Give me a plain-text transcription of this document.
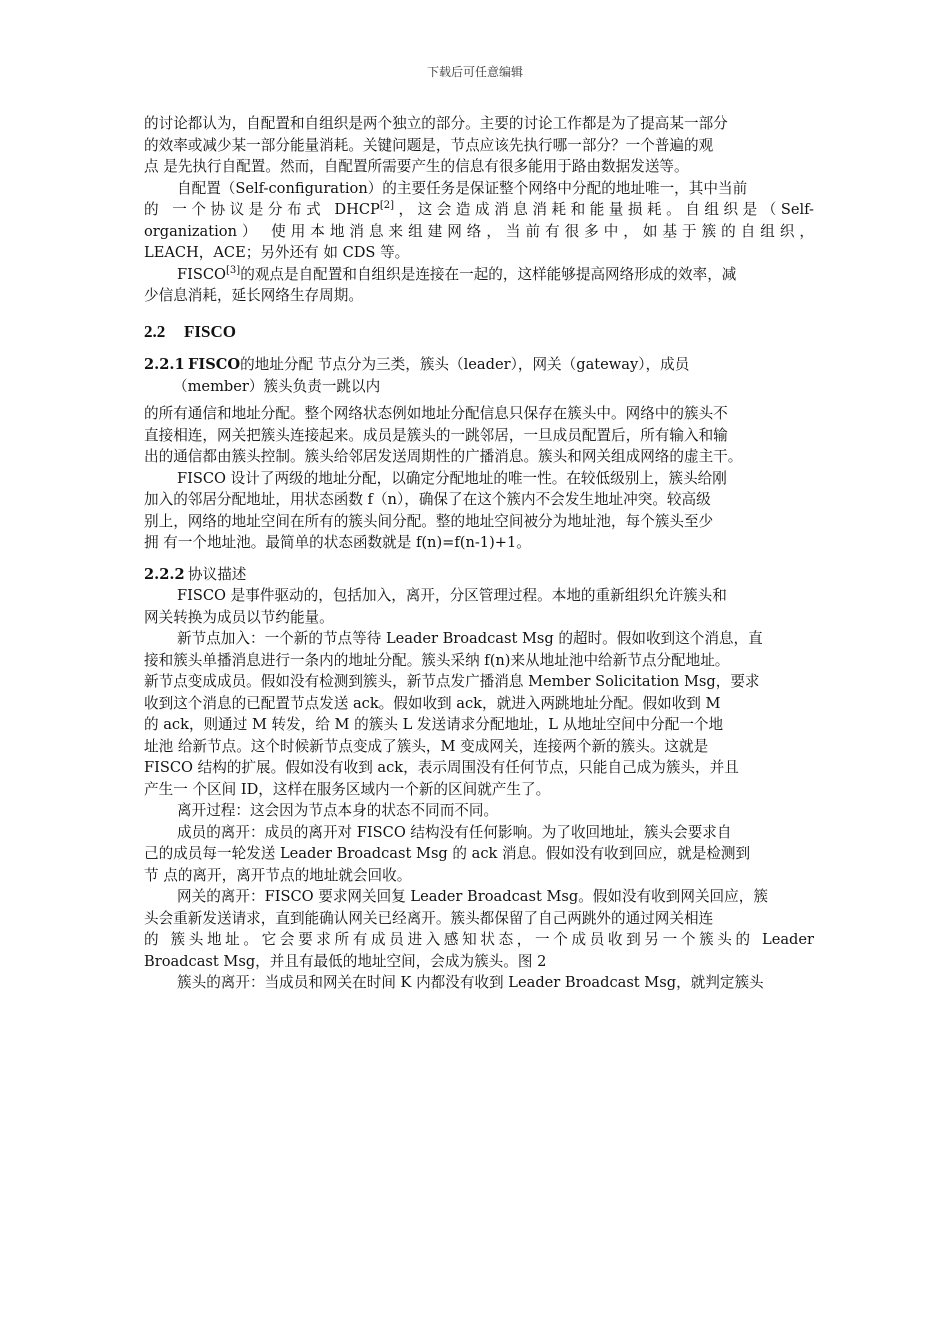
下载后可任意编辑
的讨论都认为，自配置和自组织是两个独立的部分。主要的讨论工作都是为了提高某一部分
的效率或减少某一部分能量消耗。关键问题是，节点应该先执行哪一部分？一个普遍的观
点 是先执行自配置。然而，自配置所需要产生的信息有很多能用于路由数据发送等。
自配置（Self-configuration）的主要任务是保证整个网络中分配的地址唯一，其中当前
的 一个协议是分布式 DHCP[2]，这会造成消息消耗和能量损耗。自组织是（Self-
organization） 使用本地消息来组建网络，当前有很多中，如基于簇的自组织，
LEACH，ACE；另外还有 如 CDS 等。
FISCO[3]的观点是自配置和自组织是连接在一起的，这样能够提高网络形成的效率，减
少信息消耗，延长网络生存周期。
2.2 FISCO
2.2.1 FISCO的地址分配 节点分为三类，簇头（leader），网关（gateway），成员
（member）簇头负责一跳以内
的所有通信和地址分配。整个网络状态例如地址分配信息只保存在簇头中。网络中的簇头不
直接相连，网关把簇头连接起来。成员是簇头的一跳邻居，一旦成员配置后，所有输入和输
出的通信都由簇头控制。簇头给邻居发送周期性的广播消息。簇头和网关组成网络的虚主干。
FISCO 设计了两级的地址分配，以确定分配地址的唯一性。在较低级别上，簇头给刚
加入的邻居分配地址，用状态函数 f（n），确保了在这个簇内不会发生地址冲突。较高级
别上，网络的地址空间在所有的簇头间分配。整的地址空间被分为地址池，每个簇头至少
拥 有一个地址池。最简单的状态函数就是 f(n)=f(n-1)+1。
2.2.2 协议描述
FISCO 是事件驱动的，包括加入，离开，分区管理过程。本地的重新组织允许簇头和
网关转换为成员以节约能量。
新节点加入：一个新的节点等待 Leader Broadcast Msg 的超时。假如收到这个消息，直
接和簇头单播消息进行一条内的地址分配。簇头采纳 f(n)来从地址池中给新节点分配地址。
新节点变成成员。假如没有检测到簇头，新节点发广播消息 Member Solicitation Msg，要求
收到这个消息的已配置节点发送 ack。假如收到 ack，就进入两跳地址分配。假如收到 M
的 ack，则通过 M 转发，给 M 的簇头 L 发送请求分配地址，L 从地址空间中分配一个地
址池 给新节点。这个时候新节点变成了簇头，M 变成网关，连接两个新的簇头。这就是
FISCO 结构的扩展。假如没有收到 ack，表示周围没有任何节点，只能自己成为簇头，并且
产生一 个区间 ID，这样在服务区域内一个新的区间就产生了。
离开过程：这会因为节点本身的状态不同而不同。
成员的离开：成员的离开对 FISCO 结构没有任何影响。为了收回地址，簇头会要求自
己的成员每一轮发送 Leader Broadcast Msg 的 ack 消息。假如没有收到回应，就是检测到
节 点的离开，离开节点的地址就会回收。
网关的离开：FISCO 要求网关回复 Leader Broadcast Msg。假如没有收到网关回应，簇
头会重新发送请求，直到能确认网关已经离开。簇头都保留了自己两跳外的通过网关相连
的 簇头地址。它会要求所有成员进入感知状态，一个成员收到另一个簇头的 Leader
Broadcast Msg，并且有最低的地址空间，会成为簇头。图 2
簇头的离开：当成员和网关在时间 K 内都没有收到 Leader Broadcast Msg，就判定簇头
